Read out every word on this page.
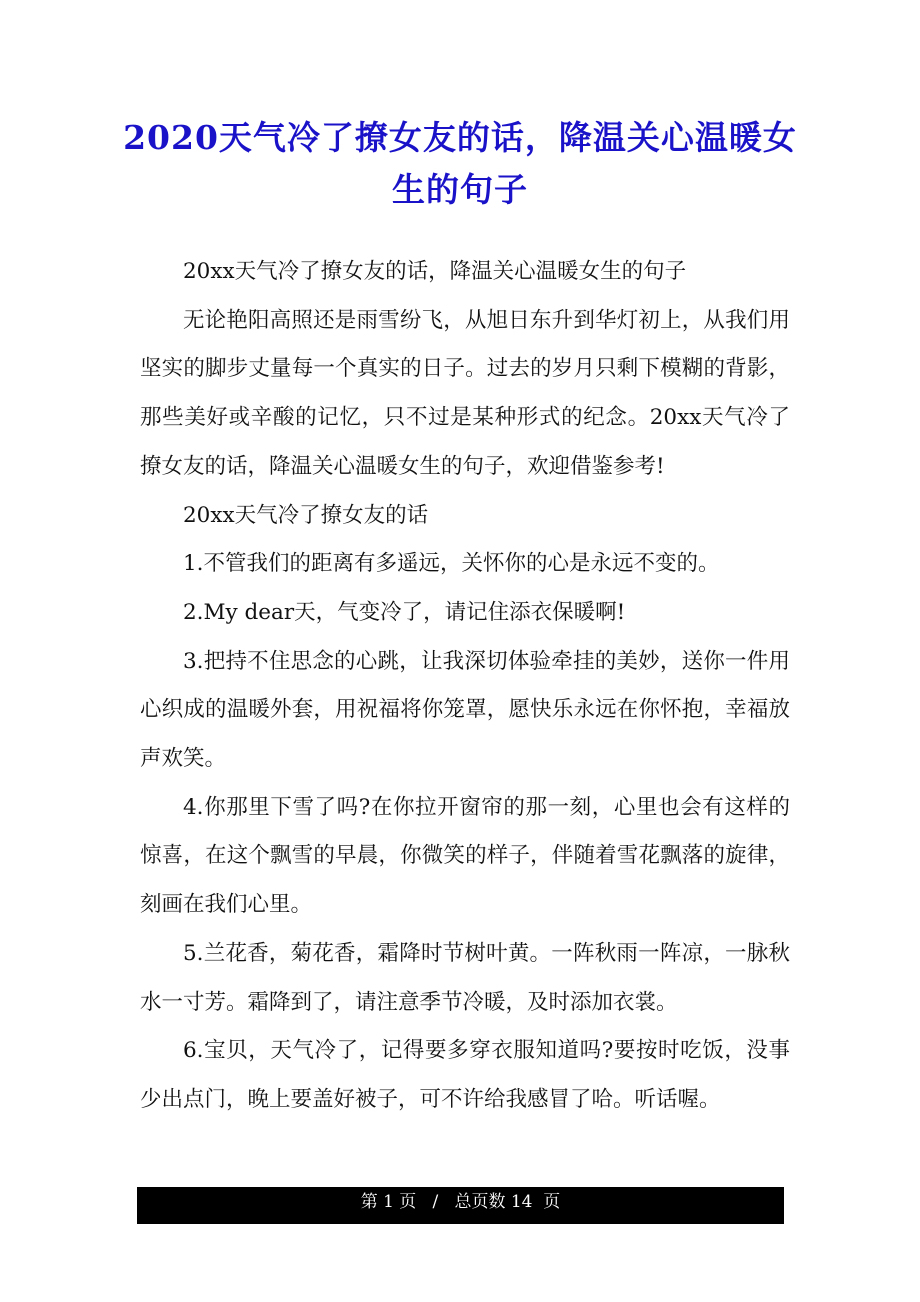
2020天气冷了撩女友的话，降温关心温暖女生的句子

20xx天气冷了撩女友的话，降温关心温暖女生的句子

无论艳阳高照还是雨雪纷飞，从旭日东升到华灯初上，从我们用坚实的脚步丈量每一个真实的日子。过去的岁月只剩下模糊的背影，那些美好或辛酸的记忆，只不过是某种形式的纪念。20xx天气冷了撩女友的话，降温关心温暖女生的句子，欢迎借鉴参考!

20xx天气冷了撩女友的话

1.不管我们的距离有多遥远，关怀你的心是永远不变的。

2.My dear天，气变冷了，请记住添衣保暖啊!

3.把持不住思念的心跳，让我深切体验牵挂的美妙，送你一件用心织成的温暖外套，用祝福将你笼罩，愿快乐永远在你怀抱，幸福放声欢笑。

4.你那里下雪了吗?在你拉开窗帘的那一刻，心里也会有这样的惊喜，在这个飘雪的早晨，你微笑的样子，伴随着雪花飘落的旋律，刻画在我们心里。

5.兰花香，菊花香，霜降时节树叶黄。一阵秋雨一阵凉，一脉秋水一寸芳。霜降到了，请注意季节冷暖，及时添加衣裳。

6.宝贝，天气冷了，记得要多穿衣服知道吗?要按时吃饭，没事少出点门，晚上要盖好被子，可不许给我感冒了哈。听话喔。

第 1 页   /   总页数 14  页
